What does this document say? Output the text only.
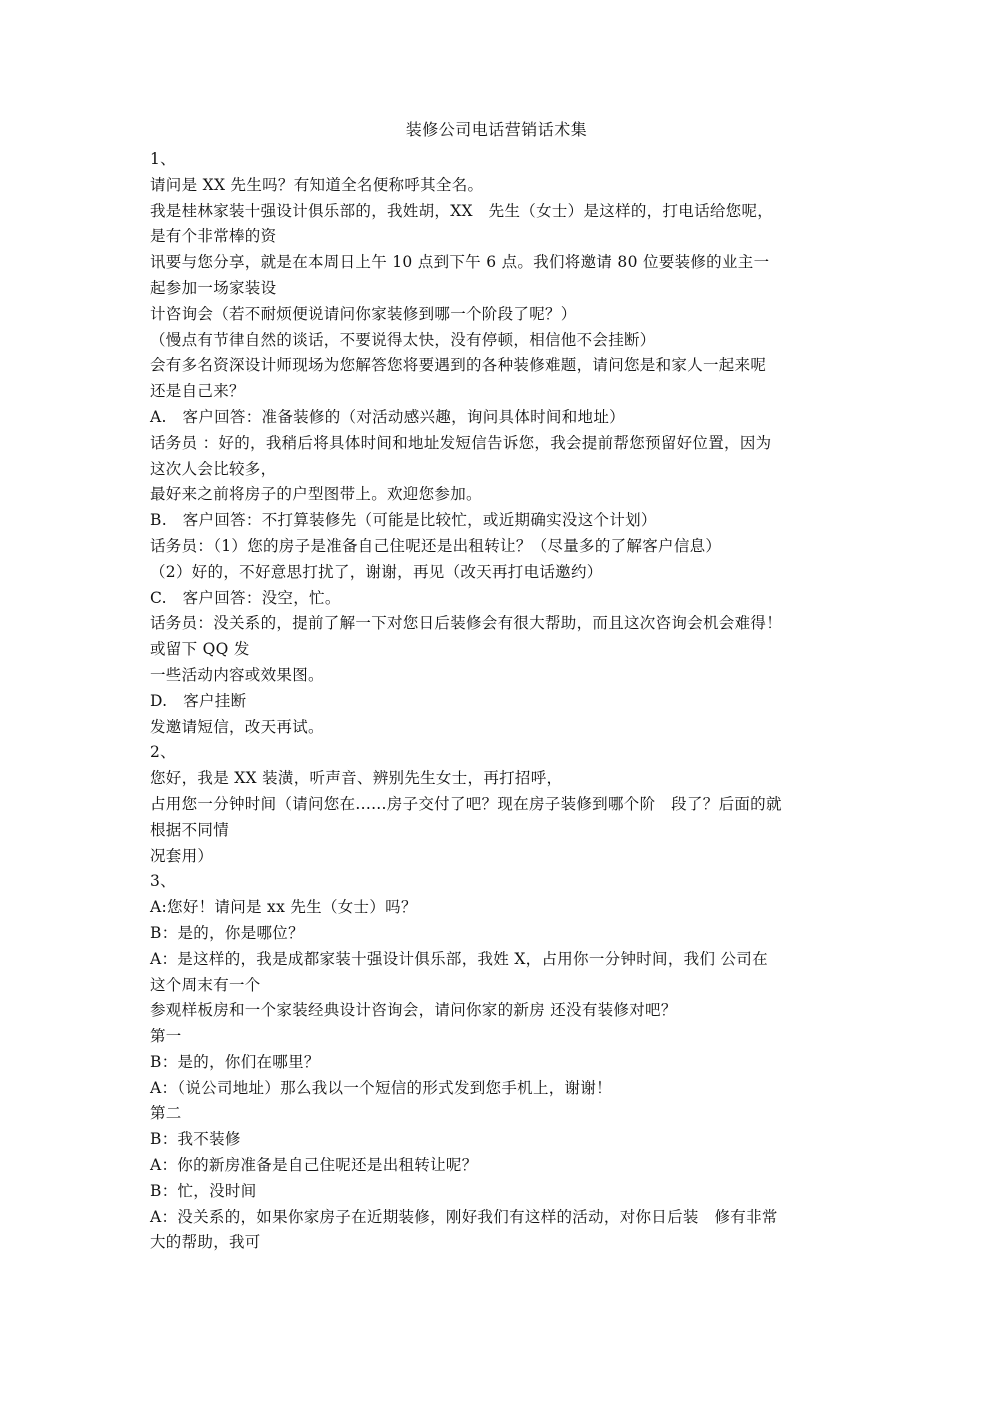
装修公司电话营销话术集
1、
请问是 XX 先生吗？有知道全名便称呼其全名。
我是桂林家装十强设计俱乐部的，我姓胡，XX　先生（女士）是这样的，打电话给您呢，
是有个非常棒的资
讯要与您分享，就是在本周日上午 10 点到下午 6 点。我们将邀请 80 位要装修的业主一
起参加一场家装设
计咨询会（若不耐烦便说请问你家装修到哪一个阶段了呢？）
（慢点有节律自然的谈话，不要说得太快，没有停顿，相信他不会挂断）
会有多名资深设计师现场为您解答您将要遇到的各种装修难题，请问您是和家人一起来呢
还是自己来？
A.　客户回答：准备装修的（对活动感兴趣，询问具体时间和地址）
话务员 ：好的，我稍后将具体时间和地址发短信告诉您，我会提前帮您预留好位置，因为
这次人会比较多，
最好来之前将房子的户型图带上。欢迎您参加。
B.　客户回答：不打算装修先（可能是比较忙，或近期确实没这个计划）
话务员：（1）您的房子是准备自己住呢还是出租转让？（尽量多的了解客户信息）
（2）好的，不好意思打扰了，谢谢，再见（改天再打电话邀约）
C.　客户回答：没空，忙。
话务员：没关系的，提前了解一下对您日后装修会有很大帮助，而且这次咨询会机会难得！
或留下 QQ 发
一些活动内容或效果图。
D.　客户挂断
发邀请短信，改天再试。
2、
您好，我是 XX 装潢，听声音、辨别先生女士，再打招呼，
占用您一分钟时间（请问您在......房子交付了吧？现在房子装修到哪个阶　段了？后面的就
根据不同情
况套用）
3、
A:您好！请问是 xx 先生（女士）吗？
B：是的，你是哪位？
A：是这样的，我是成都家装十强设计俱乐部，我姓 X，占用你一分钟时间，我们 公司在
这个周末有一个
参观样板房和一个家装经典设计咨询会，请问你家的新房 还没有装修对吧？
第一
B：是的，你们在哪里？
A：（说公司地址）那么我以一个短信的形式发到您手机上，谢谢！
第二
B：我不装修
A：你的新房准备是自己住呢还是出租转让呢？
B：忙，没时间
A：没关系的，如果你家房子在近期装修，刚好我们有这样的活动，对你日后装　修有非常
大的帮助，我可
